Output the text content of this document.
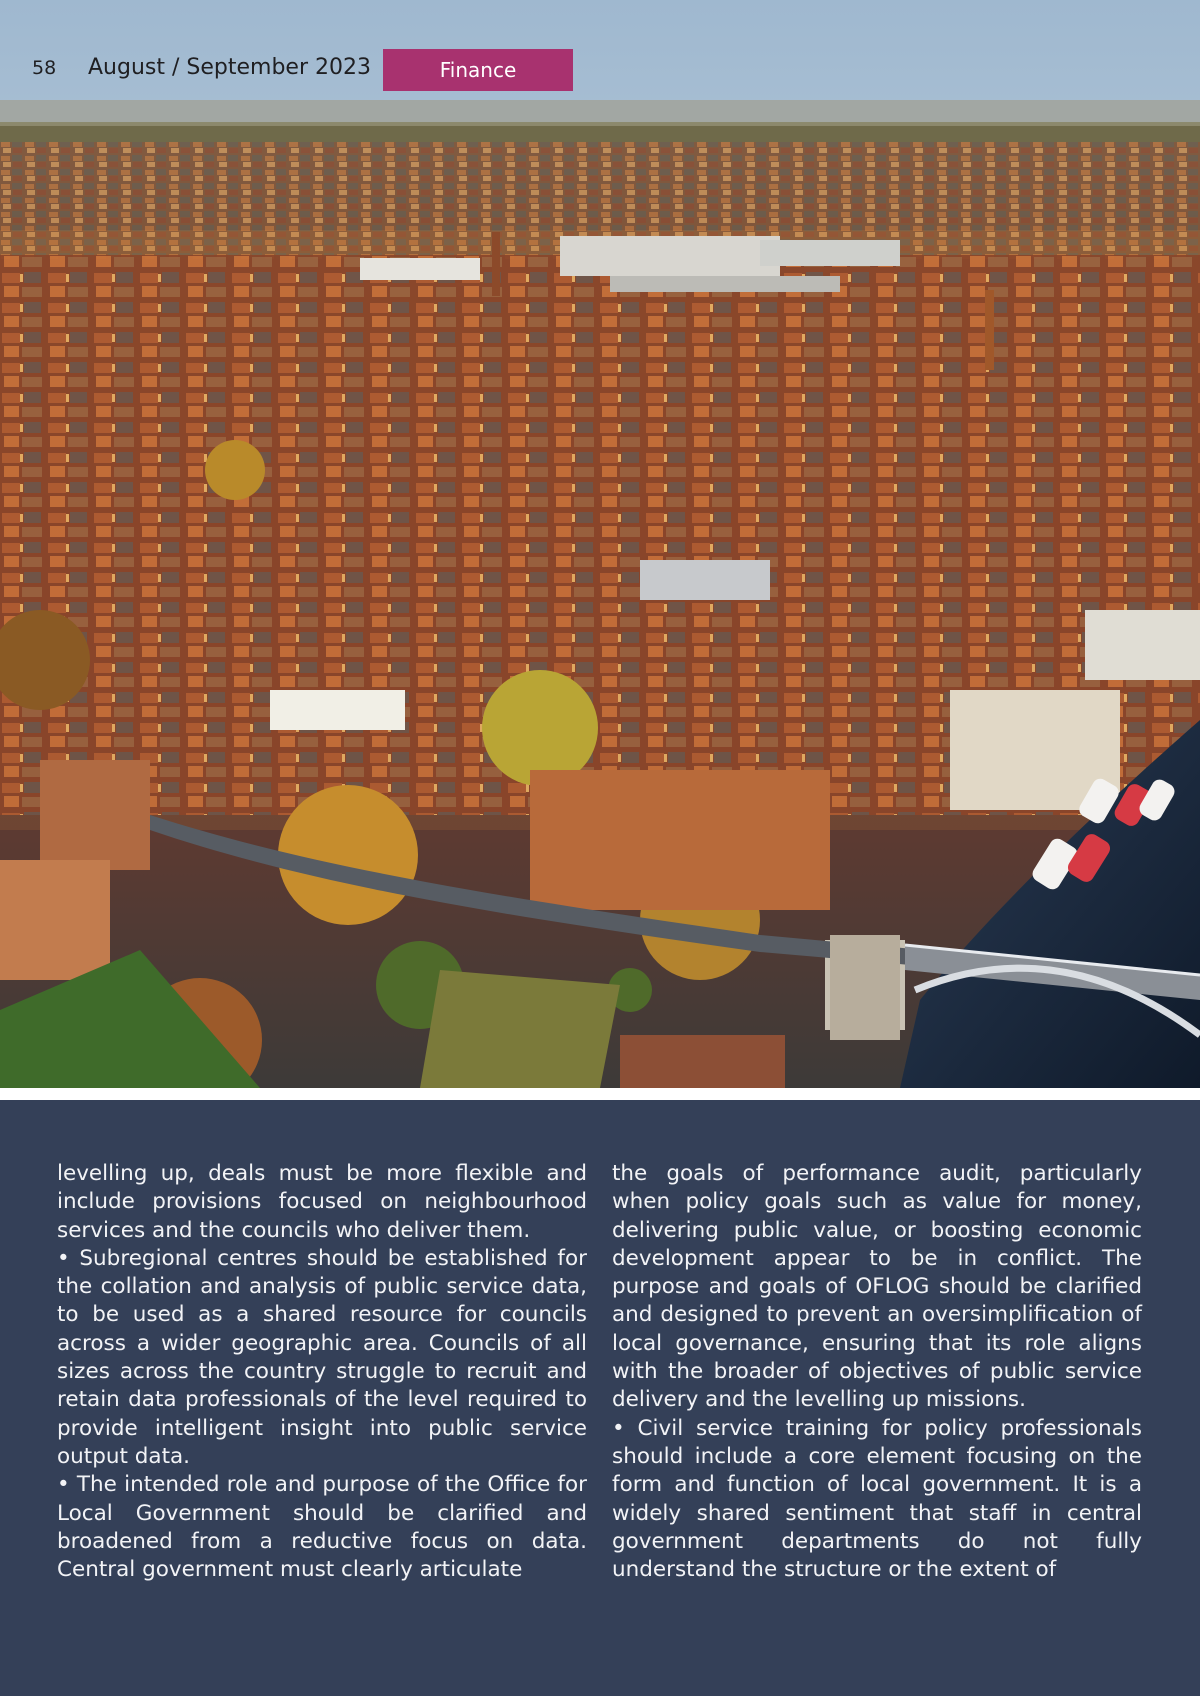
58 August / September 2023	Finance

levelling up, deals must be more flexible and include provisions focused on neighbourhood services and the councils who deliver them.

• Subregional centres should be established for the collation and analysis of public service data, to be used as a shared resource for councils across a wider geographic area. Councils of all sizes across the country struggle to recruit and retain data professionals of the level required to provide intelligent insight into public service output data.

• The intended role and purpose of the Office for Local Government should be clarified and broadened from a reductive focus on data. Central government must clearly articulate

the goals of performance audit, particularly when policy goals such as value for money, delivering public value, or boosting economic development appear to be in conflict. The purpose and goals of OFLOG should be clarified and designed to prevent an oversimplification of local governance, ensuring that its role aligns with the broader of objectives of public service delivery and the levelling up missions.

• Civil service training for policy professionals should include a core element focusing on the form and function of local government. It is a widely shared sentiment that staff in central government departments do not fully understand the structure or the extent of
